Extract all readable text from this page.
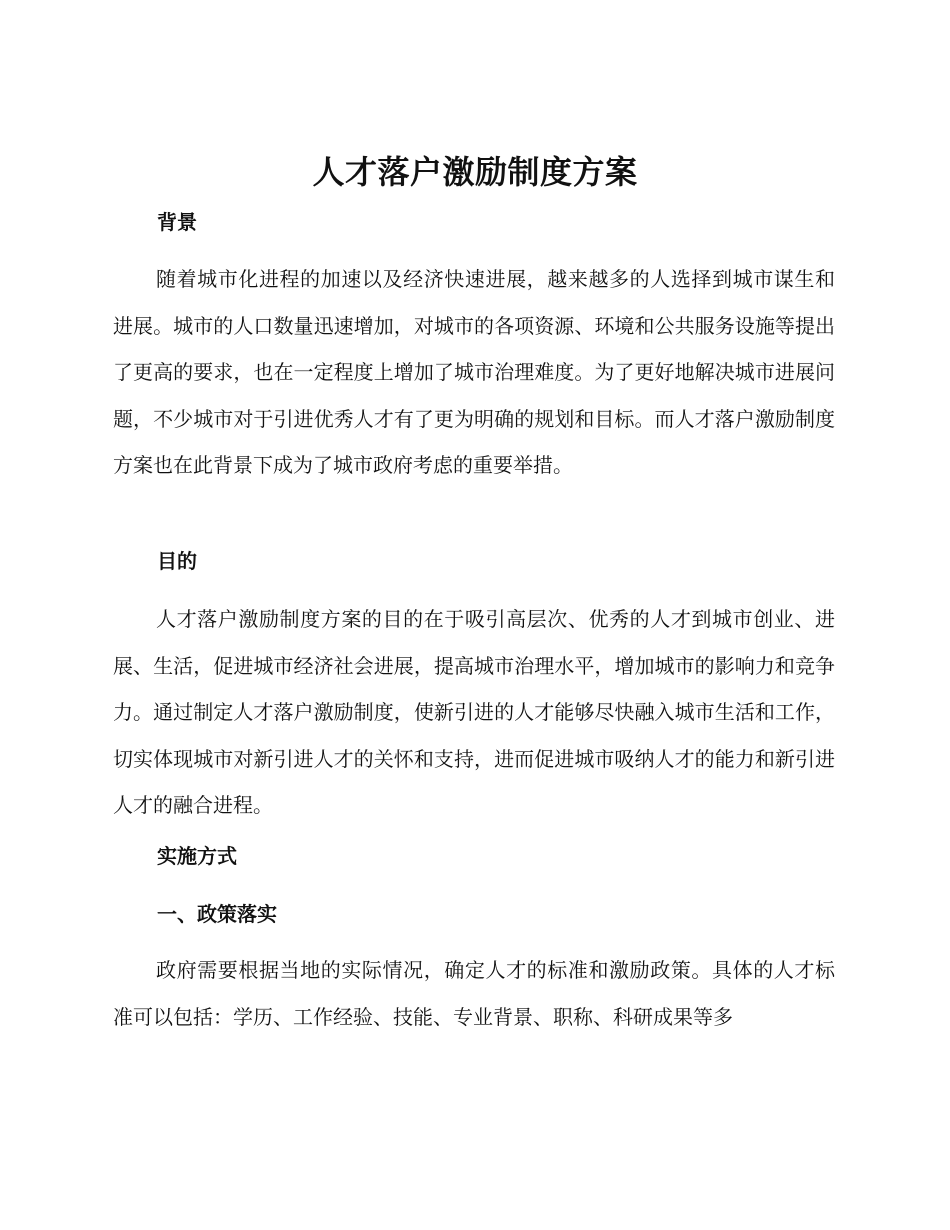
人才落户激励制度方案
背景

随着城市化进程的加速以及经济快速进展，越来越多的人选择到城市谋生和进展。城市的人口数量迅速增加，对城市的各项资源、环境和公共服务设施等提出了更高的要求，也在一定程度上增加了城市治理难度。为了更好地解决城市进展问题，不少城市对于引进优秀人才有了更为明确的规划和目标。而人才落户激励制度方案也在此背景下成为了城市政府考虑的重要举措。

目的

人才落户激励制度方案的目的在于吸引高层次、优秀的人才到城市创业、进展、生活，促进城市经济社会进展，提高城市治理水平，增加城市的影响力和竞争力。通过制定人才落户激励制度，使新引进的人才能够尽快融入城市生活和工作，切实体现城市对新引进人才的关怀和支持，进而促进城市吸纳人才的能力和新引进人才的融合进程。

实施方式
一、政策落实

政府需要根据当地的实际情况，确定人才的标准和激励政策。具体的人才标准可以包括：学历、工作经验、技能、专业背景、职称、科研成果等多
